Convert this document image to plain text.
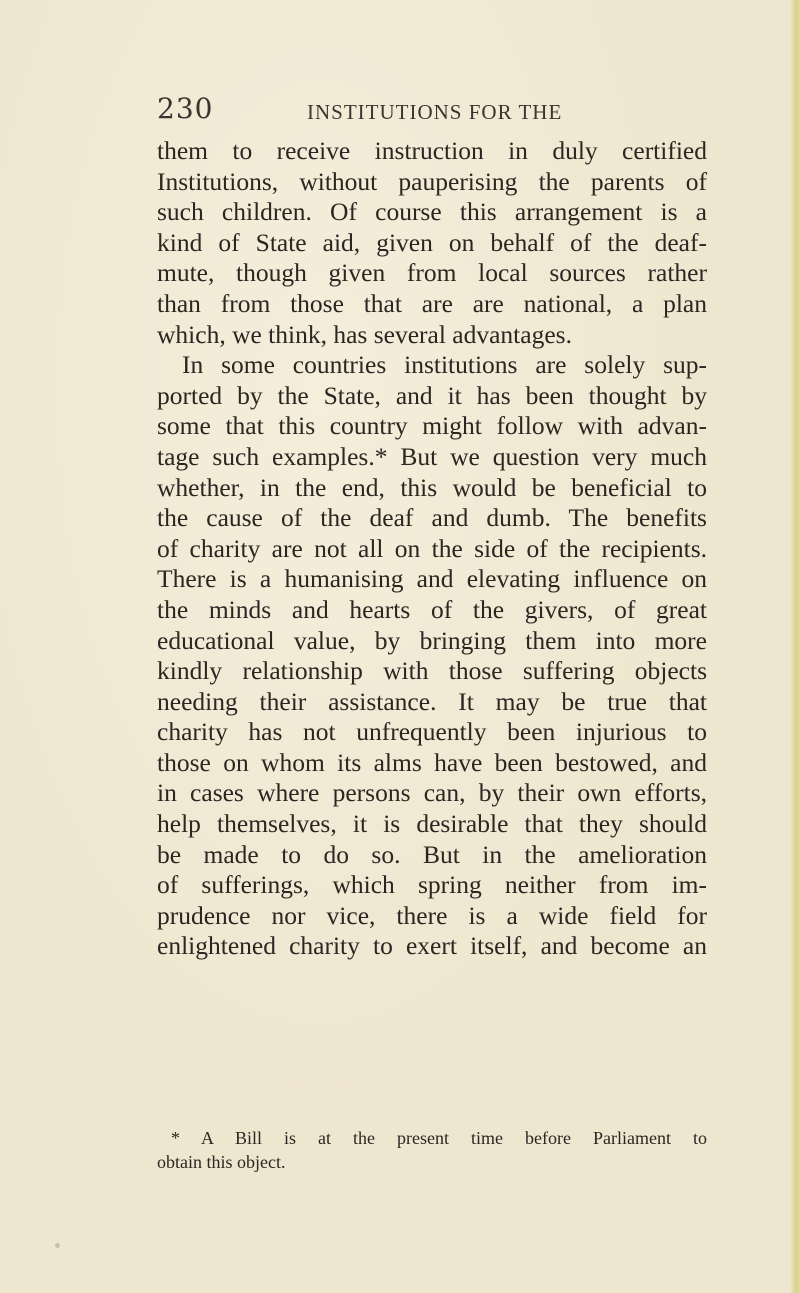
230	INSTITUTIONS FOR THE
them to receive instruction in duly certified
Institutions, without pauperising the parents of
such children. Of course this arrangement is a
kind of State aid, given on behalf of the deaf-
mute, though given from local sources rather
than from those that are are national, a plan
which, we think, has several advantages.
In some countries institutions are solely sup-
ported by the State, and it has been thought by
some that this country might follow with advan-
tage such examples.* But we question very much
whether, in the end, this would be beneficial to
the cause of the deaf and dumb. The benefits
of charity are not all on the side of the recipients.
There is a humanising and elevating influence on
the minds and hearts of the givers, of great
educational value, by bringing them into more
kindly relationship with those suffering objects
needing their assistance. It may be true that
charity has not unfrequently been injurious to
those on whom its alms have been bestowed, and
in cases where persons can, by their own efforts,
help themselves, it is desirable that they should
be made to do so. But in the amelioration
of sufferings, which spring neither from im-
prudence nor vice, there is a wide field for
enlightened charity to exert itself, and become an
* A Bill is at the present time before Parliament to
obtain this object.
